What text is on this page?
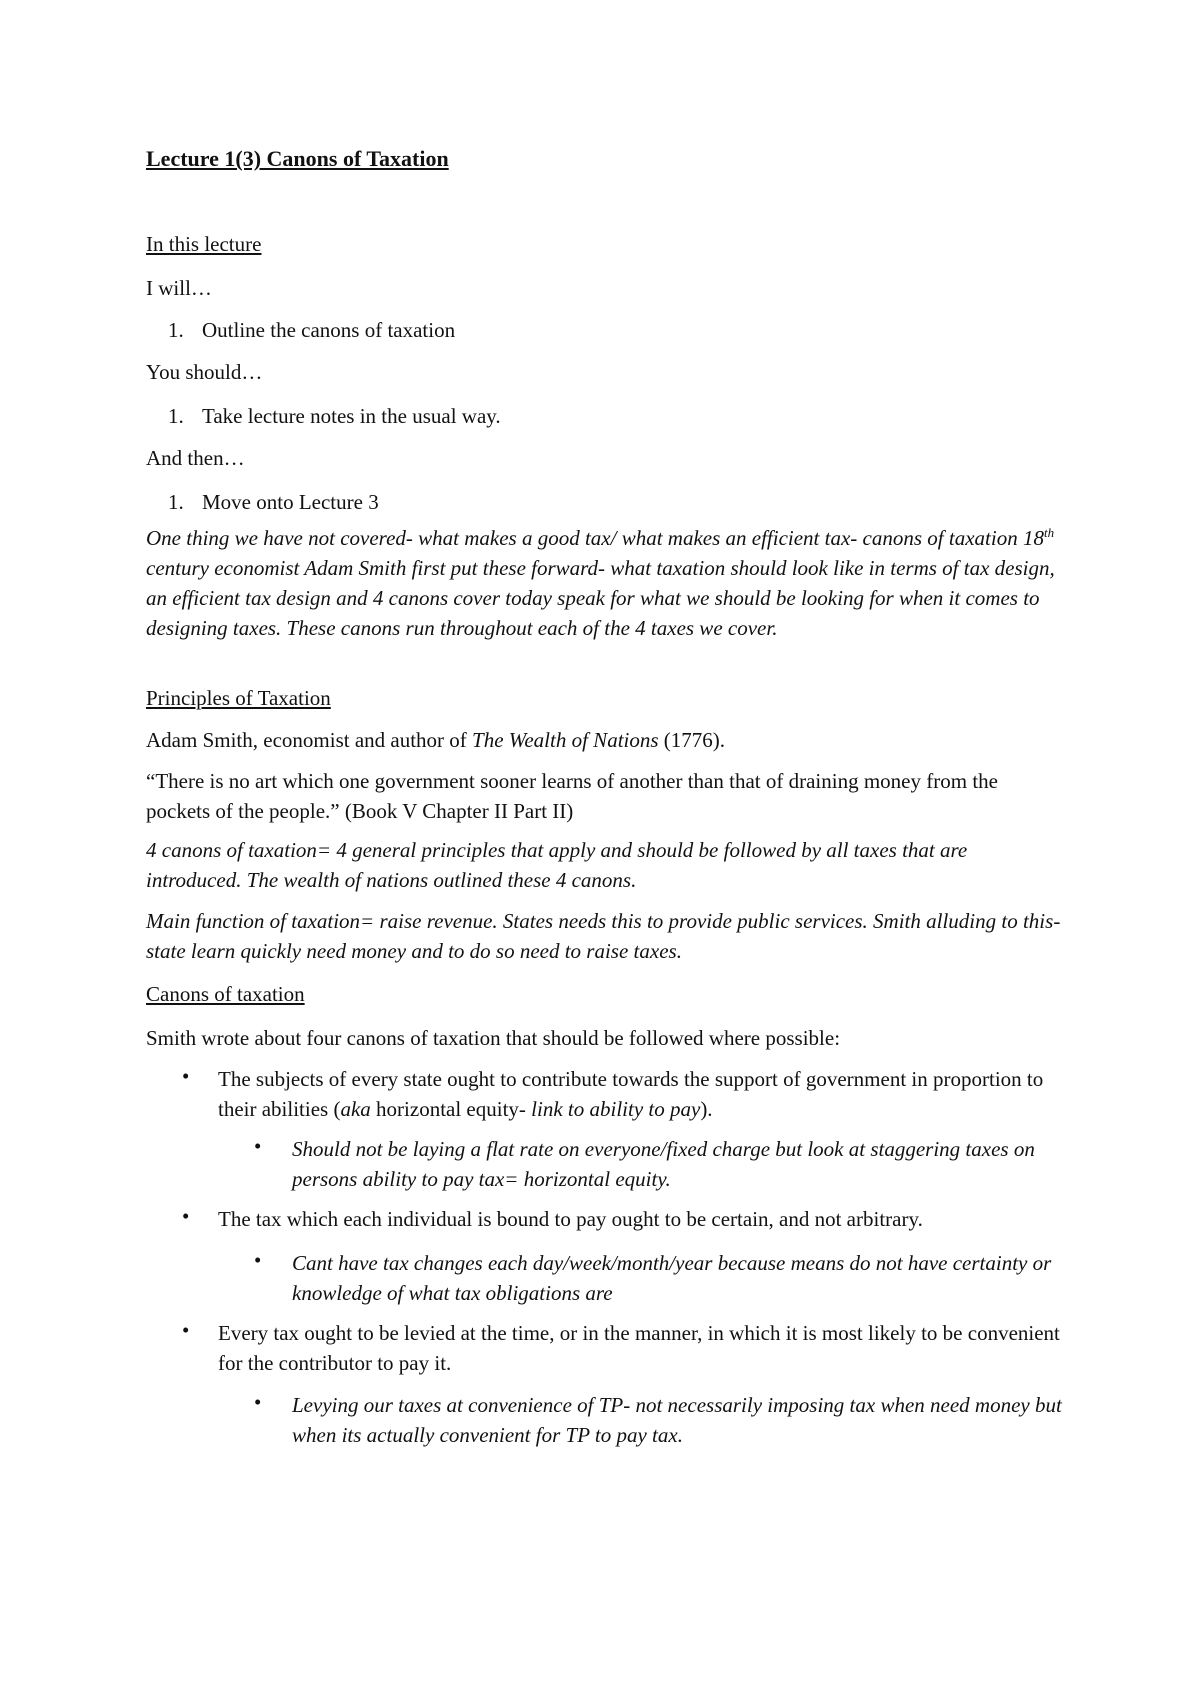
Lecture 1(3) Canons of Taxation
In this lecture
I will…
1. Outline the canons of taxation
You should…
1. Take lecture notes in the usual way.
And then…
1. Move onto Lecture 3
One thing we have not covered- what makes a good tax/ what makes an efficient tax- canons of taxation 18th century economist Adam Smith first put these forward- what taxation should look like in terms of tax design, an efficient tax design and 4 canons cover today speak for what we should be looking for when it comes to designing taxes. These canons run throughout each of the 4 taxes we cover.
Principles of Taxation
Adam Smith, economist and author of The Wealth of Nations (1776).
“There is no art which one government sooner learns of another than that of draining money from the pockets of the people.” (Book V Chapter II Part II)
4 canons of taxation= 4 general principles that apply and should be followed by all taxes that are introduced. The wealth of nations outlined these 4 canons.
Main function of taxation= raise revenue. States needs this to provide public services. Smith alluding to this- state learn quickly need money and to do so need to raise taxes.
Canons of taxation
Smith wrote about four canons of taxation that should be followed where possible:
• The subjects of every state ought to contribute towards the support of government in proportion to their abilities (aka horizontal equity- link to ability to pay).
• Should not be laying a flat rate on everyone/fixed charge but look at staggering taxes on persons ability to pay tax= horizontal equity.
• The tax which each individual is bound to pay ought to be certain, and not arbitrary.
• Cant have tax changes each day/week/month/year because means do not have certainty or knowledge of what tax obligations are
• Every tax ought to be levied at the time, or in the manner, in which it is most likely to be convenient for the contributor to pay it.
• Levying our taxes at convenience of TP- not necessarily imposing tax when need money but when its actually convenient for TP to pay tax.
